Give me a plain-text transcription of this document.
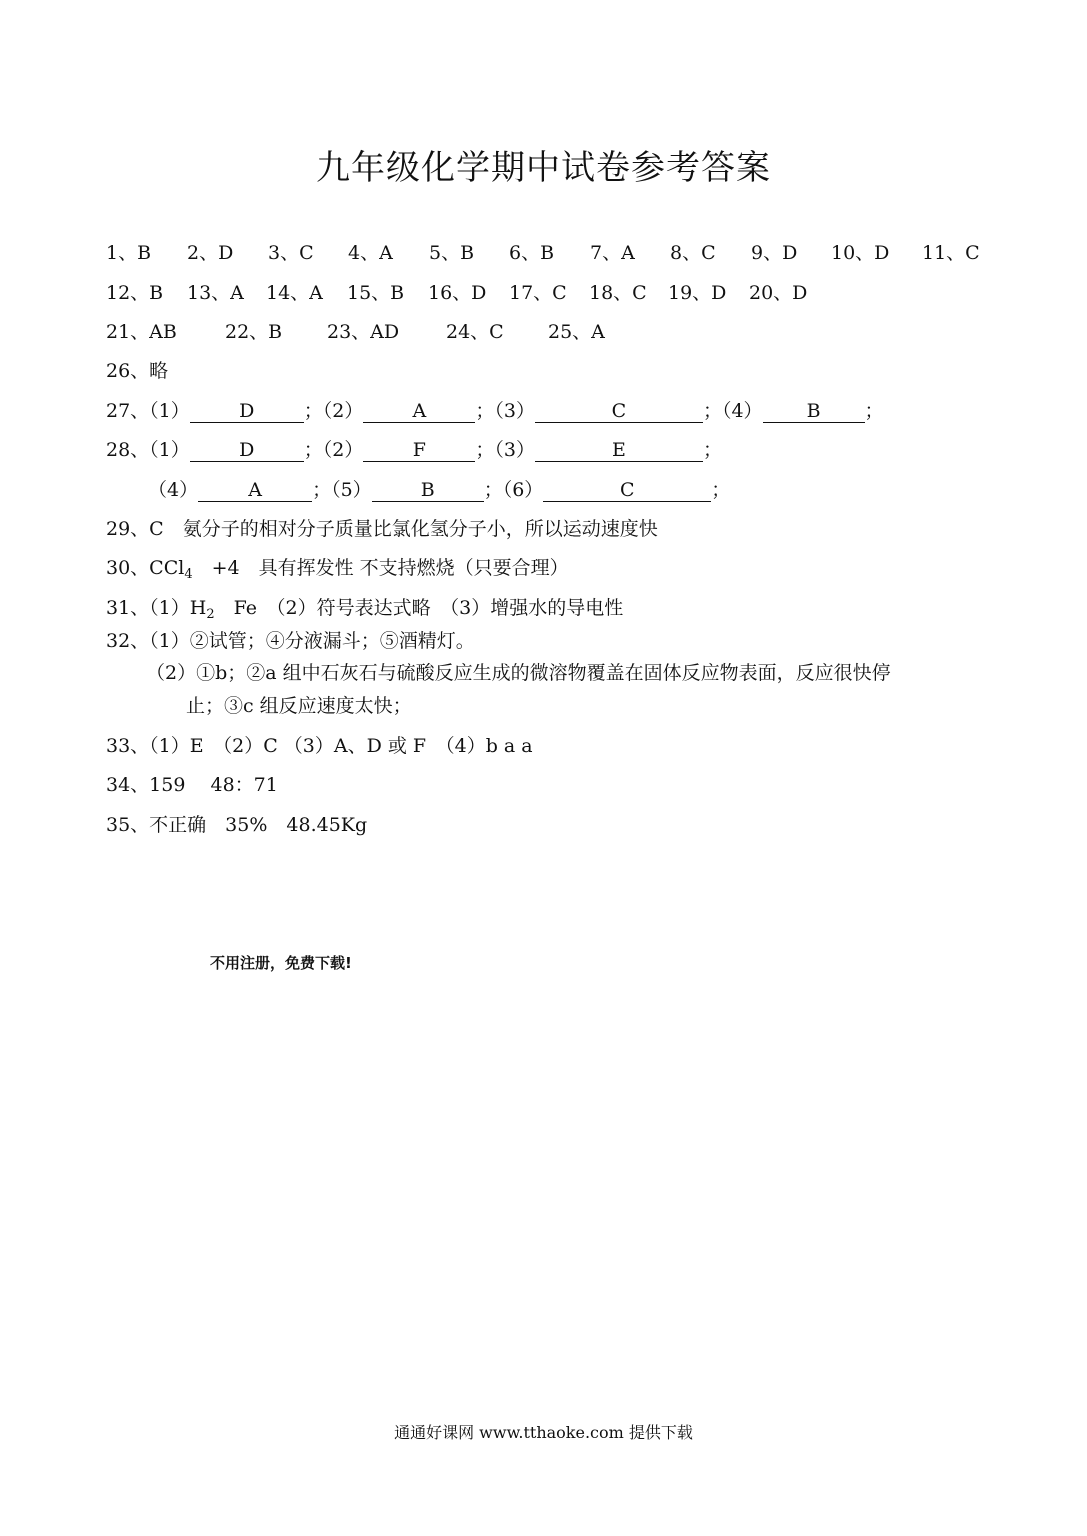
九年级化学期中试卷参考答案
1、B 2、D 3、C 4、A 5、B 6、B 7、A 8、C 9、D 10、D 11、C
12、B 13、A 14、A 15、B 16、D 17、C 18、C 19、D 20、D
21、AB	22、B 23、AD 24、C 25、A
26、略
27、（1）	D	；（2）	A	；（3）	C	；（4） B ；
28、（1）	D	；（2）	F	；（3）	E	；
（4）	A	；（5）	B	；（6）	C	；
29、C　氨分子的相对分子质量比氯化氢分子小，所以运动速度快
30、CCl$_4$　+4　具有挥发性 不支持燃烧（只要合理）
31、$(1)H_2$　Fe　（2）符号表达式略　（3）增强水的导电性
32、（1）②试管；④分液漏斗；⑤酒精灯。
（2）①b；②a 组中石灰石与硫酸反应生成的微溶物覆盖在固体反应物表面，反应很快停
止；③c 组反应速度太快；
33、（1）E　（2）C （3）A、D 或 F　（4）b a a
34、159　 48：71
35、不正确　35%　48.45Kg
不用注册，免费下载!
通通好课网 www.tthaoke.com 提供下载
